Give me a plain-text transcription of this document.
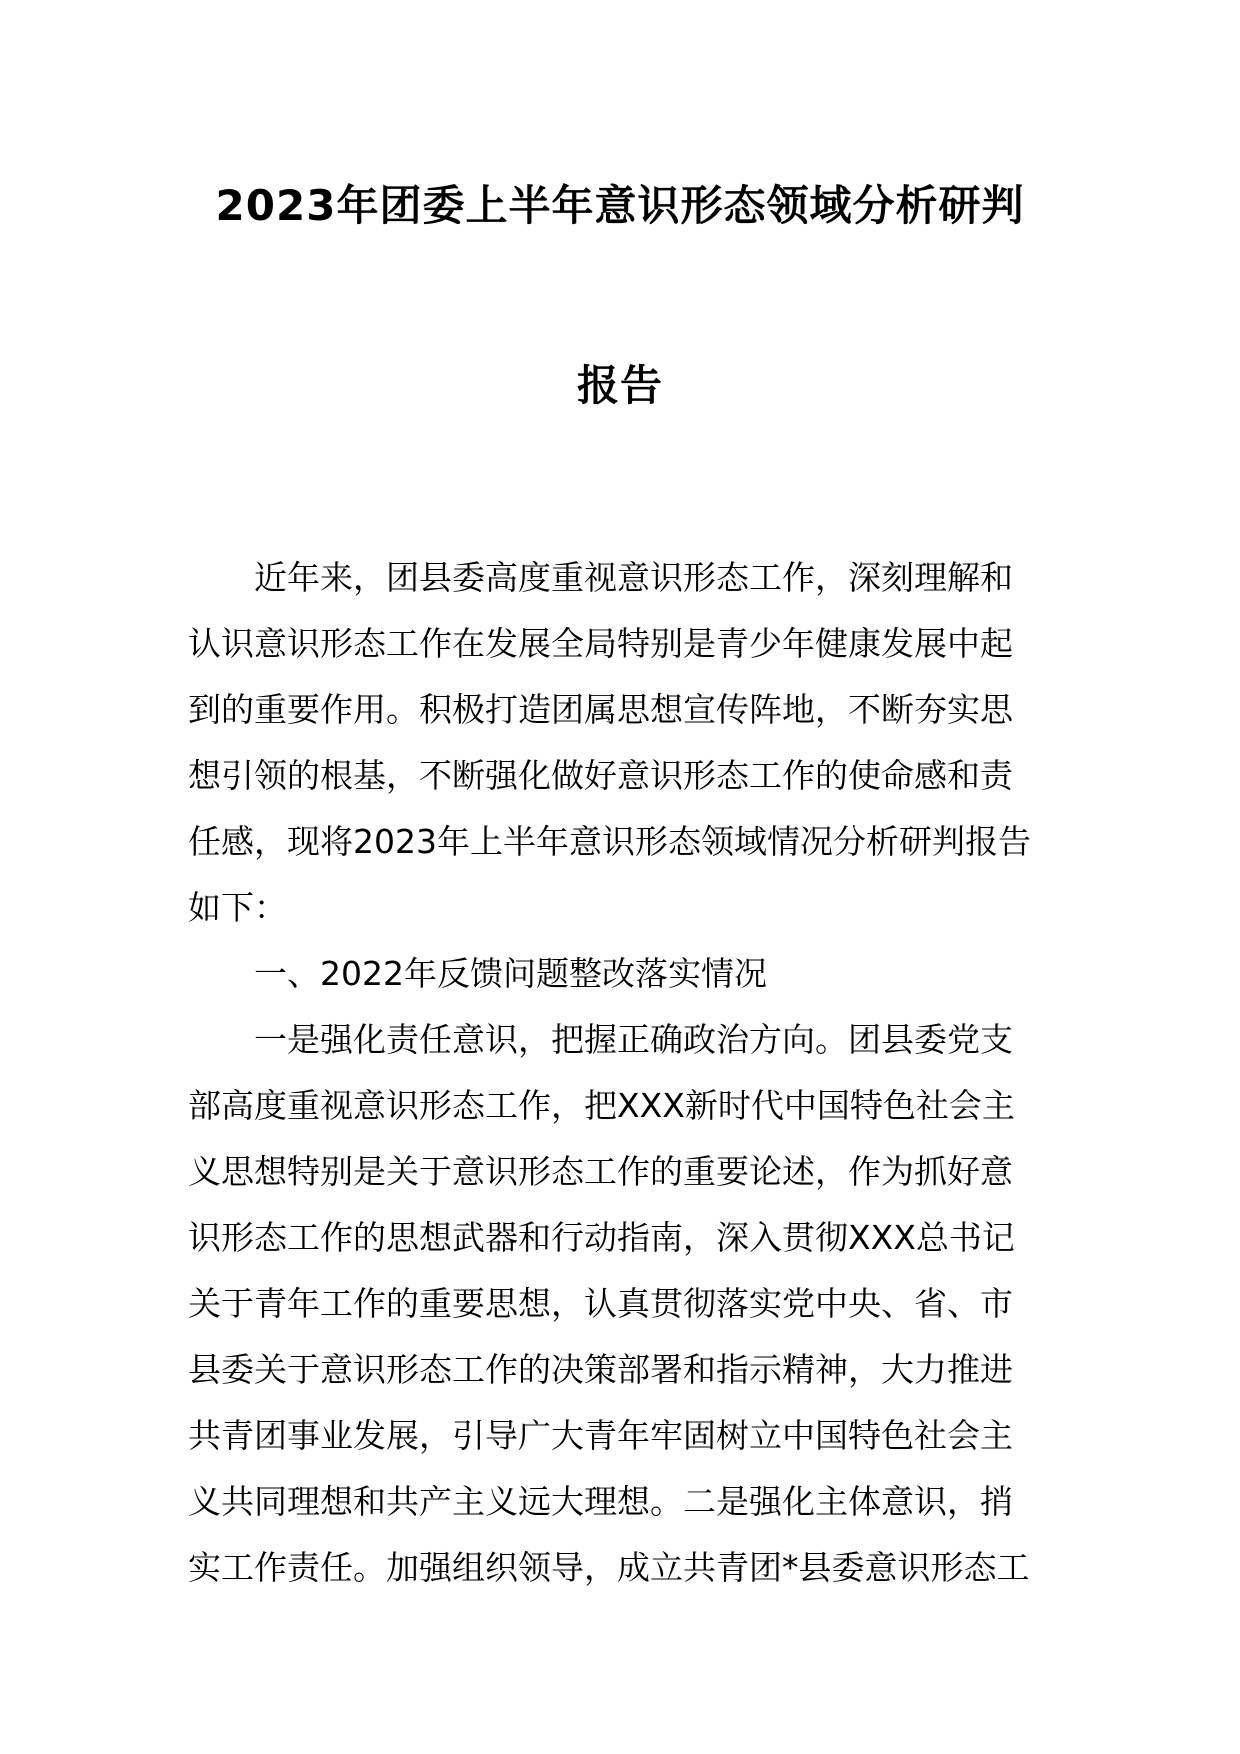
2023年团委上半年意识形态领域分析研判
报告
近年来，团县委高度重视意识形态工作，深刻理解和
认识意识形态工作在发展全局特别是青少年健康发展中起
到的重要作用。积极打造团属思想宣传阵地，不断夯实思
想引领的根基，不断强化做好意识形态工作的使命感和责
任感，现将2023年上半年意识形态领域情况分析研判报告
如下：
一、2022年反馈问题整改落实情况
一是强化责任意识，把握正确政治方向。团县委党支
部高度重视意识形态工作，把XXX新时代中国特色社会主
义思想特别是关于意识形态工作的重要论述，作为抓好意
识形态工作的思想武器和行动指南，深入贯彻XXX总书记
关于青年工作的重要思想，认真贯彻落实党中央、省、市
县委关于意识形态工作的决策部署和指示精神，大力推进
共青团事业发展，引导广大青年牢固树立中国特色社会主
义共同理想和共产主义远大理想。二是强化主体意识，捎
实工作责任。加强组织领导，成立共青团*县委意识形态工
